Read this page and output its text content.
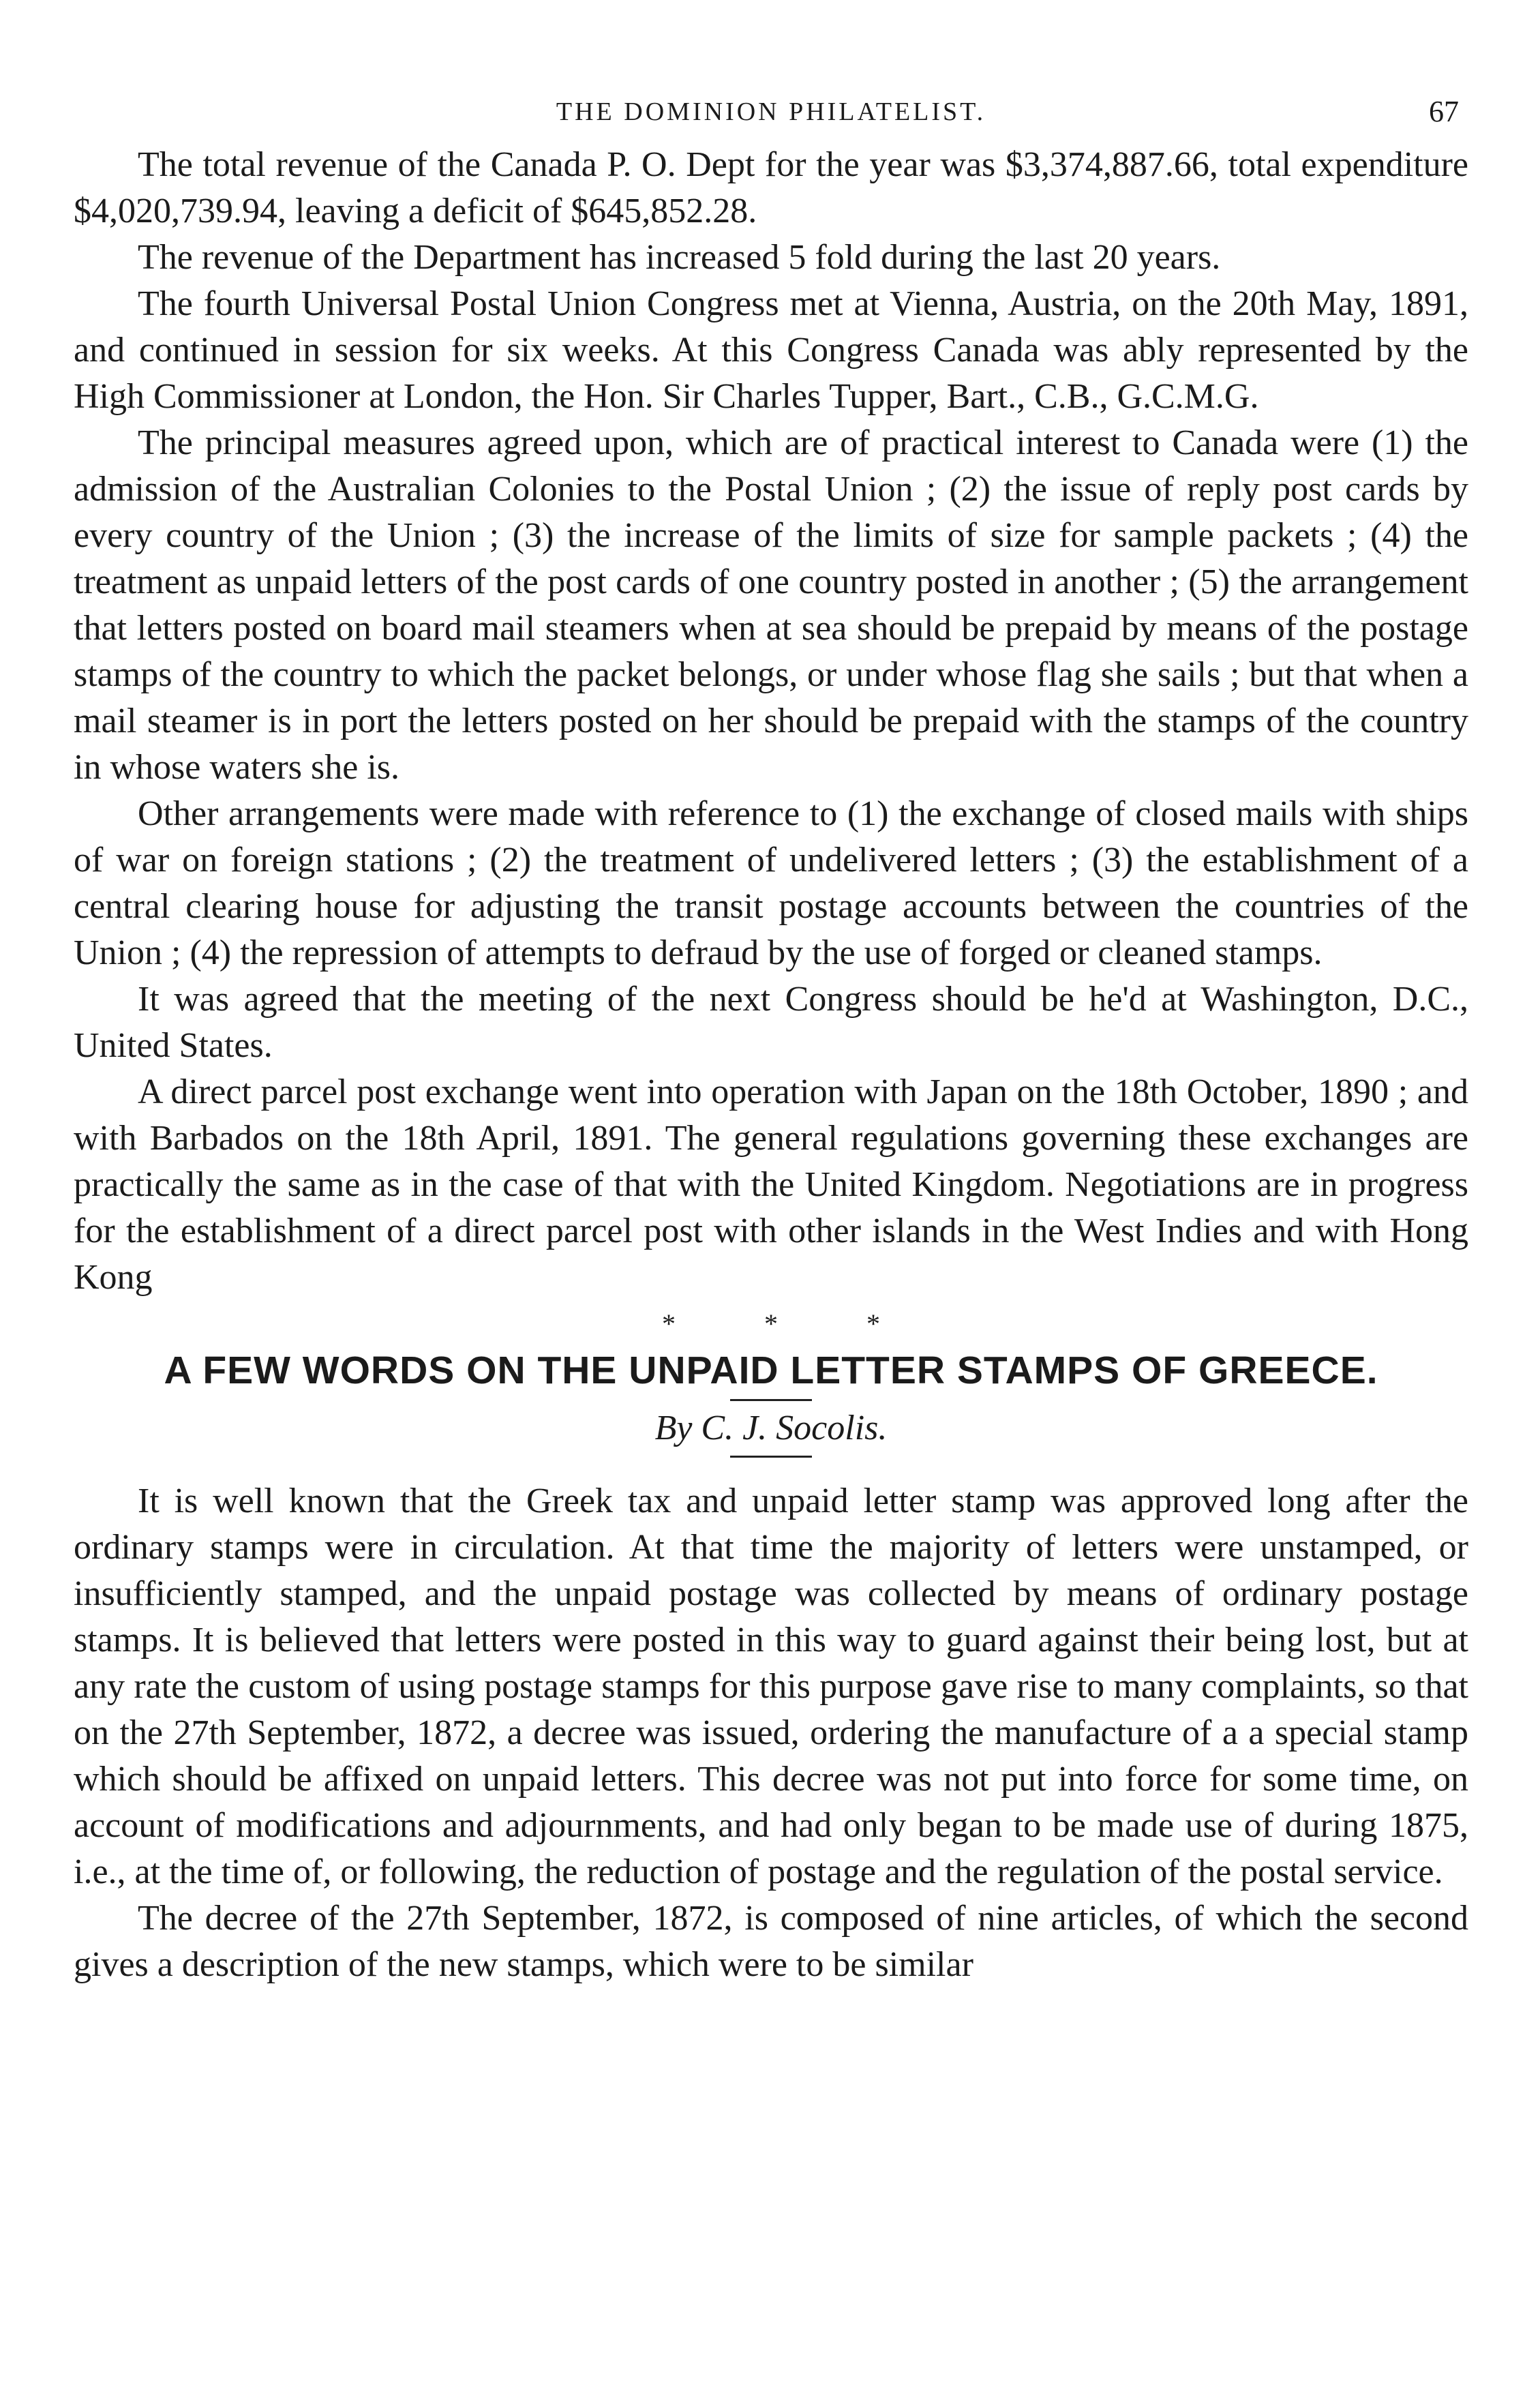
THE DOMINION PHILATELIST.	67

The total revenue of the Canada P. O. Dept for the year was $3,374,887.66, total expenditure $4,020,739.94, leaving a deficit of $645,852.28.

The revenue of the Department has increased 5 fold during the last 20 years.

The fourth Universal Postal Union Congress met at Vienna, Austria, on the 20th May, 1891, and continued in session for six weeks. At this Congress Canada was ably represented by the High Commissioner at London, the Hon. Sir Charles Tupper, Bart., C.B., G.C.M.G.

The principal measures agreed upon, which are of practical interest to Canada were (1) the admission of the Australian Colonies to the Postal Union ; (2) the issue of reply post cards by every country of the Union ; (3) the increase of the limits of size for sample packets ; (4) the treatment as unpaid letters of the post cards of one country posted in another ; (5) the arrangement that letters posted on board mail steamers when at sea should be prepaid by means of the postage stamps of the country to which the packet belongs, or under whose flag she sails ; but that when a mail steamer is in port the letters posted on her should be prepaid with the stamps of the country in whose waters she is.

Other arrangements were made with reference to (1) the exchange of closed mails with ships of war on foreign stations ; (2) the treatment of undelivered letters ; (3) the establishment of a central clearing house for adjusting the transit postage accounts between the countries of the Union ; (4) the repression of attempts to defraud by the use of forged or cleaned stamps.

It was agreed that the meeting of the next Congress should be he'd at Washington, D.C., United States.

A direct parcel post exchange went into operation with Japan on the 18th October, 1890 ; and with Barbados on the 18th April, 1891. The general regulations governing these exchanges are practically the same as in the case of that with the United Kingdom. Negotiations are in progress for the establishment of a direct parcel post with other islands in the West Indies and with Hong Kong

* * *
A FEW WORDS ON THE UNPAID LETTER STAMPS OF GREECE.
By C. J. Socolis.

It is well known that the Greek tax and unpaid letter stamp was approved long after the ordinary stamps were in circulation. At that time the majority of letters were unstamped, or insufficiently stamped, and the unpaid postage was collected by means of ordinary postage stamps. It is believed that letters were posted in this way to guard against their being lost, but at any rate the custom of using postage stamps for this purpose gave rise to many complaints, so that on the 27th September, 1872, a decree was issued, ordering the manufacture of a a special stamp which should be affixed on unpaid letters. This decree was not put into force for some time, on account of modifications and adjournments, and had only began to be made use of during 1875, i.e., at the time of, or following, the reduction of postage and the regulation of the postal service.

The decree of the 27th September, 1872, is composed of nine articles, of which the second gives a description of the new stamps, which were to be similar
